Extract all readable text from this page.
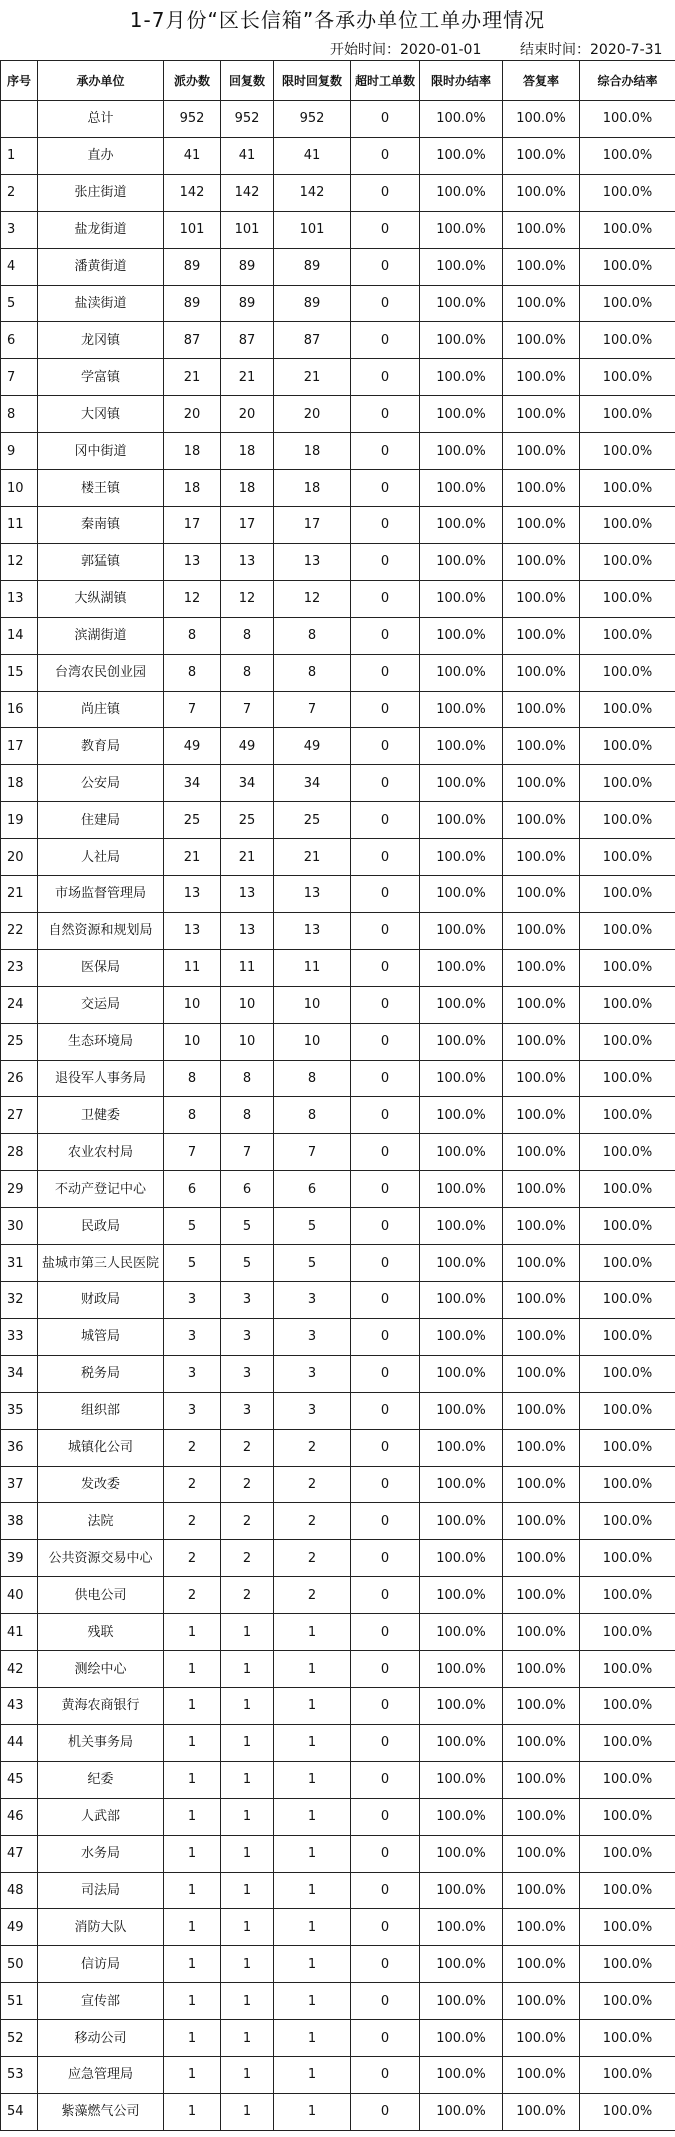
1-7月份“区长信箱”各承办单位工单办理情况
开始时间：2020-01-01	结束时间：2020-7-31
序号	承办单位	派办数	回复数	限时回复数	超时工单数	限时办结率	答复率	综合办结率
	总计	952	952	952	0	100.0%	100.0%	100.0%
1	直办	41	41	41	0	100.0%	100.0%	100.0%
2	张庄街道	142	142	142	0	100.0%	100.0%	100.0%
3	盐龙街道	101	101	101	0	100.0%	100.0%	100.0%
4	潘黄街道	89	89	89	0	100.0%	100.0%	100.0%
5	盐渎街道	89	89	89	0	100.0%	100.0%	100.0%
6	龙冈镇	87	87	87	0	100.0%	100.0%	100.0%
7	学富镇	21	21	21	0	100.0%	100.0%	100.0%
8	大冈镇	20	20	20	0	100.0%	100.0%	100.0%
9	冈中街道	18	18	18	0	100.0%	100.0%	100.0%
10	楼王镇	18	18	18	0	100.0%	100.0%	100.0%
11	秦南镇	17	17	17	0	100.0%	100.0%	100.0%
12	郭猛镇	13	13	13	0	100.0%	100.0%	100.0%
13	大纵湖镇	12	12	12	0	100.0%	100.0%	100.0%
14	滨湖街道	8	8	8	0	100.0%	100.0%	100.0%
15	台湾农民创业园	8	8	8	0	100.0%	100.0%	100.0%
16	尚庄镇	7	7	7	0	100.0%	100.0%	100.0%
17	教育局	49	49	49	0	100.0%	100.0%	100.0%
18	公安局	34	34	34	0	100.0%	100.0%	100.0%
19	住建局	25	25	25	0	100.0%	100.0%	100.0%
20	人社局	21	21	21	0	100.0%	100.0%	100.0%
21	市场监督管理局	13	13	13	0	100.0%	100.0%	100.0%
22	自然资源和规划局	13	13	13	0	100.0%	100.0%	100.0%
23	医保局	11	11	11	0	100.0%	100.0%	100.0%
24	交运局	10	10	10	0	100.0%	100.0%	100.0%
25	生态环境局	10	10	10	0	100.0%	100.0%	100.0%
26	退役军人事务局	8	8	8	0	100.0%	100.0%	100.0%
27	卫健委	8	8	8	0	100.0%	100.0%	100.0%
28	农业农村局	7	7	7	0	100.0%	100.0%	100.0%
29	不动产登记中心	6	6	6	0	100.0%	100.0%	100.0%
30	民政局	5	5	5	0	100.0%	100.0%	100.0%
31	盐城市第三人民医院	5	5	5	0	100.0%	100.0%	100.0%
32	财政局	3	3	3	0	100.0%	100.0%	100.0%
33	城管局	3	3	3	0	100.0%	100.0%	100.0%
34	税务局	3	3	3	0	100.0%	100.0%	100.0%
35	组织部	3	3	3	0	100.0%	100.0%	100.0%
36	城镇化公司	2	2	2	0	100.0%	100.0%	100.0%
37	发改委	2	2	2	0	100.0%	100.0%	100.0%
38	法院	2	2	2	0	100.0%	100.0%	100.0%
39	公共资源交易中心	2	2	2	0	100.0%	100.0%	100.0%
40	供电公司	2	2	2	0	100.0%	100.0%	100.0%
41	残联	1	1	1	0	100.0%	100.0%	100.0%
42	测绘中心	1	1	1	0	100.0%	100.0%	100.0%
43	黄海农商银行	1	1	1	0	100.0%	100.0%	100.0%
44	机关事务局	1	1	1	0	100.0%	100.0%	100.0%
45	纪委	1	1	1	0	100.0%	100.0%	100.0%
46	人武部	1	1	1	0	100.0%	100.0%	100.0%
47	水务局	1	1	1	0	100.0%	100.0%	100.0%
48	司法局	1	1	1	0	100.0%	100.0%	100.0%
49	消防大队	1	1	1	0	100.0%	100.0%	100.0%
50	信访局	1	1	1	0	100.0%	100.0%	100.0%
51	宣传部	1	1	1	0	100.0%	100.0%	100.0%
52	移动公司	1	1	1	0	100.0%	100.0%	100.0%
53	应急管理局	1	1	1	0	100.0%	100.0%	100.0%
54	紫藻燃气公司	1	1	1	0	100.0%	100.0%	100.0%
